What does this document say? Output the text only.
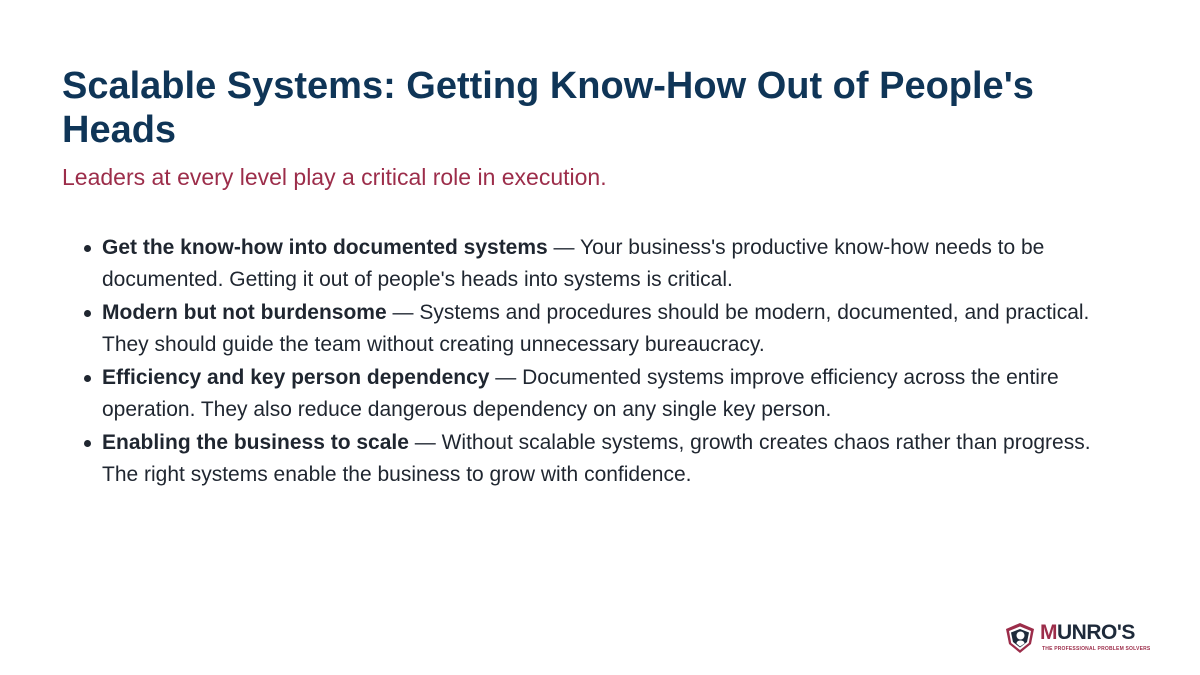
Scalable Systems: Getting Know-How Out of People's Heads

Leaders at every level play a critical role in execution.

Get the know-how into documented systems — Your business's productive know-how needs to be documented. Getting it out of people's heads into systems is critical.
Modern but not burdensome — Systems and procedures should be modern, documented, and practical. They should guide the team without creating unnecessary bureaucracy.
Efficiency and key person dependency — Documented systems improve efficiency across the entire operation. They also reduce dangerous dependency on any single key person.
Enabling the business to scale — Without scalable systems, growth creates chaos rather than progress. The right systems enable the business to grow with confidence.
MUNRO'S
THE PROFESSIONAL PROBLEM SOLVERS
